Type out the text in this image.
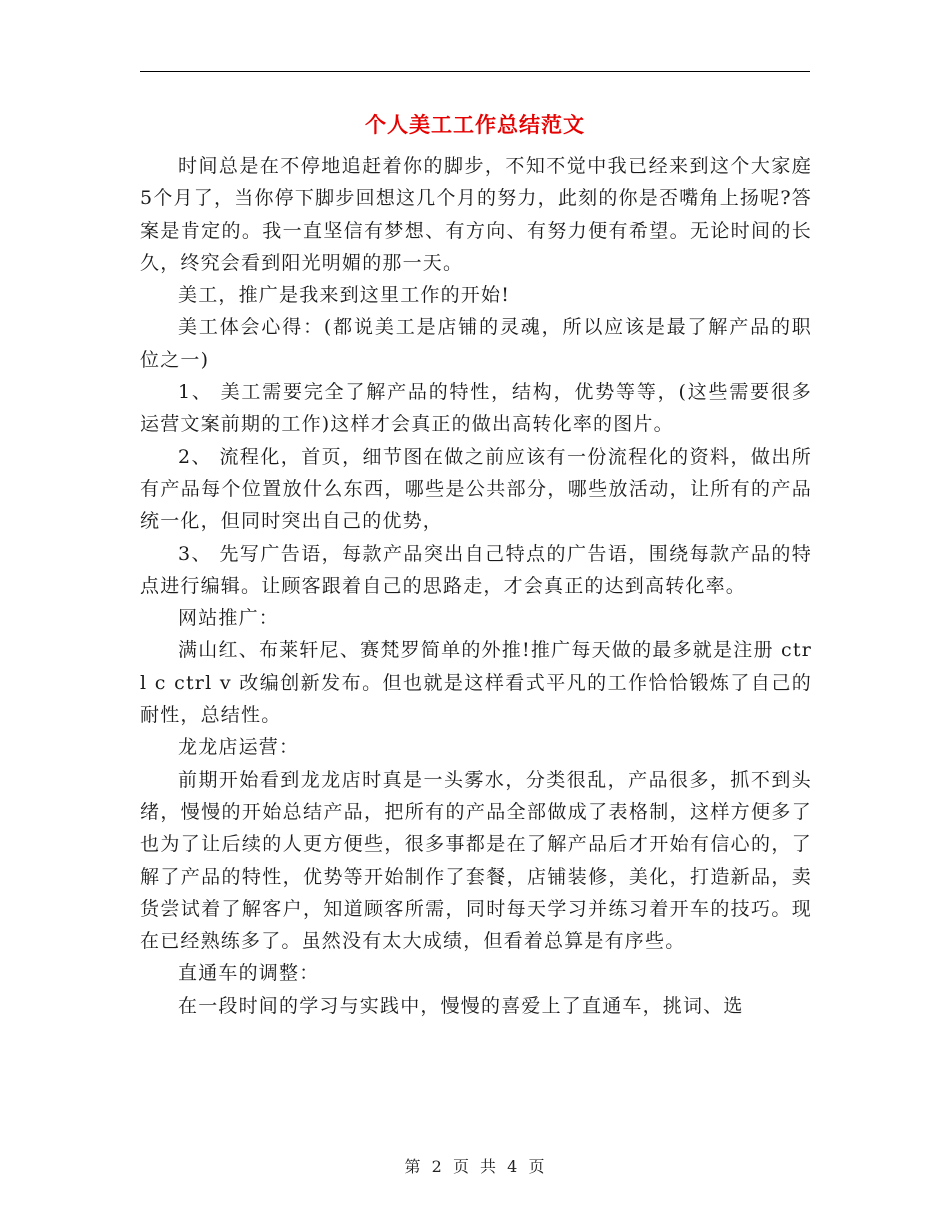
个人美工工作总结范文

时间总是在不停地追赶着你的脚步，不知不觉中我已经来到这个大家庭5个月了，当你停下脚步回想这几个月的努力，此刻的你是否嘴角上扬呢?答案是肯定的。我一直坚信有梦想、有方向、有努力便有希望。无论时间的长久，终究会看到阳光明媚的那一天。

美工，推广是我来到这里工作的开始!

美工体会心得：(都说美工是店铺的灵魂，所以应该是最了解产品的职位之一)

1、 美工需要完全了解产品的特性，结构，优势等等，(这些需要很多运营文案前期的工作)这样才会真正的做出高转化率的图片。

2、 流程化，首页，细节图在做之前应该有一份流程化的资料，做出所有产品每个位置放什么东西，哪些是公共部分，哪些放活动，让所有的产品统一化，但同时突出自己的优势，

3、 先写广告语，每款产品突出自己特点的广告语，围绕每款产品的特点进行编辑。让顾客跟着自己的思路走，才会真正的达到高转化率。

网站推广：

满山红、布莱轩尼、赛梵罗简单的外推!推广每天做的最多就是注册 ctrl c ctrl v 改编创新发布。但也就是这样看式平凡的工作恰恰锻炼了自己的耐性，总结性。

龙龙店运营：

前期开始看到龙龙店时真是一头雾水，分类很乱，产品很多，抓不到头绪，慢慢的开始总结产品，把所有的产品全部做成了表格制，这样方便多了也为了让后续的人更方便些，很多事都是在了解产品后才开始有信心的，了解了产品的特性，优势等开始制作了套餐，店铺装修，美化，打造新品，卖货尝试着了解客户，知道顾客所需，同时每天学习并练习着开车的技巧。现在已经熟练多了。虽然没有太大成绩，但看着总算是有序些。

直通车的调整：

在一段时间的学习与实践中，慢慢的喜爱上了直通车，挑词、选

第 2 页 共 4 页
